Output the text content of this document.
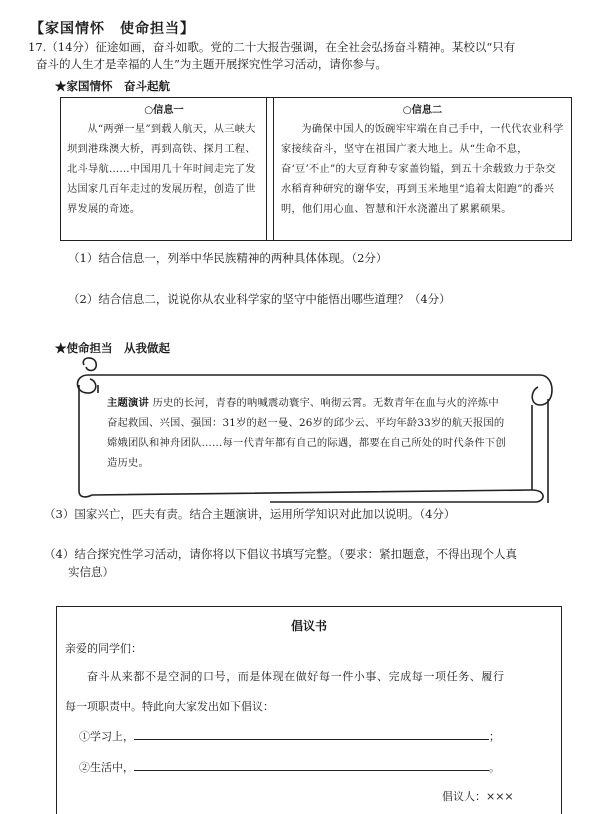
【家国情怀　使命担当】
17.（14分）征途如画，奋斗如歌。党的二十大报告强调，在全社会弘扬奋斗精神。某校以“只有
奋斗的人生才是幸福的人生”为主题开展探究性学习活动，请你参与。
★家国情怀　奋斗起航
○信息一
从“两弹一星”到载人航天，从三峡大坝到港珠澳大桥，再到高铁、探月工程、北斗导航……中国用几十年时间走完了发达国家几百年走过的发展历程，创造了世界发展的奇迹。
○信息二
为确保中国人的饭碗牢牢端在自己手中，一代代农业科学家接续奋斗，坚守在祖国广袤大地上。从“生命不息，奋‘豆’不止”的大豆育种专家盖钧镒，到五十余载致力于杂交水稻育种研究的谢华安，再到玉米地里“追着太阳跑”的番兴明，他们用心血、智慧和汗水浇灌出了累累硕果。
（1）结合信息一，列举中华民族精神的两种具体体现。（2分）
（2）结合信息二，说说你从农业科学家的坚守中能悟出哪些道理？（4分）
★使命担当　从我做起
主题演讲 历史的长河，青春的呐喊震动寰宇、响彻云霄。无数青年在血与火的淬炼中奋起救国、兴国、强国：31岁的赵一曼、26岁的邱少云、平均年龄33岁的航天报国的嫦娥团队和神舟团队……每一代青年都有自己的际遇，都要在自己所处的时代条件下创造历史。
（3）国家兴亡，匹夫有责。结合主题演讲，运用所学知识对此加以说明。（4分）
（4）结合探究性学习活动，请你将以下倡议书填写完整。（要求：紧扣题意，不得出现个人真
实信息）
倡议书
亲爱的同学们：
奋斗从来都不是空洞的口号，而是体现在做好每一件小事、完成每一项任务、履行
每一项职责中。特此向大家发出如下倡议：
①学习上，	；
②生活中，	。
倡议人：×××
